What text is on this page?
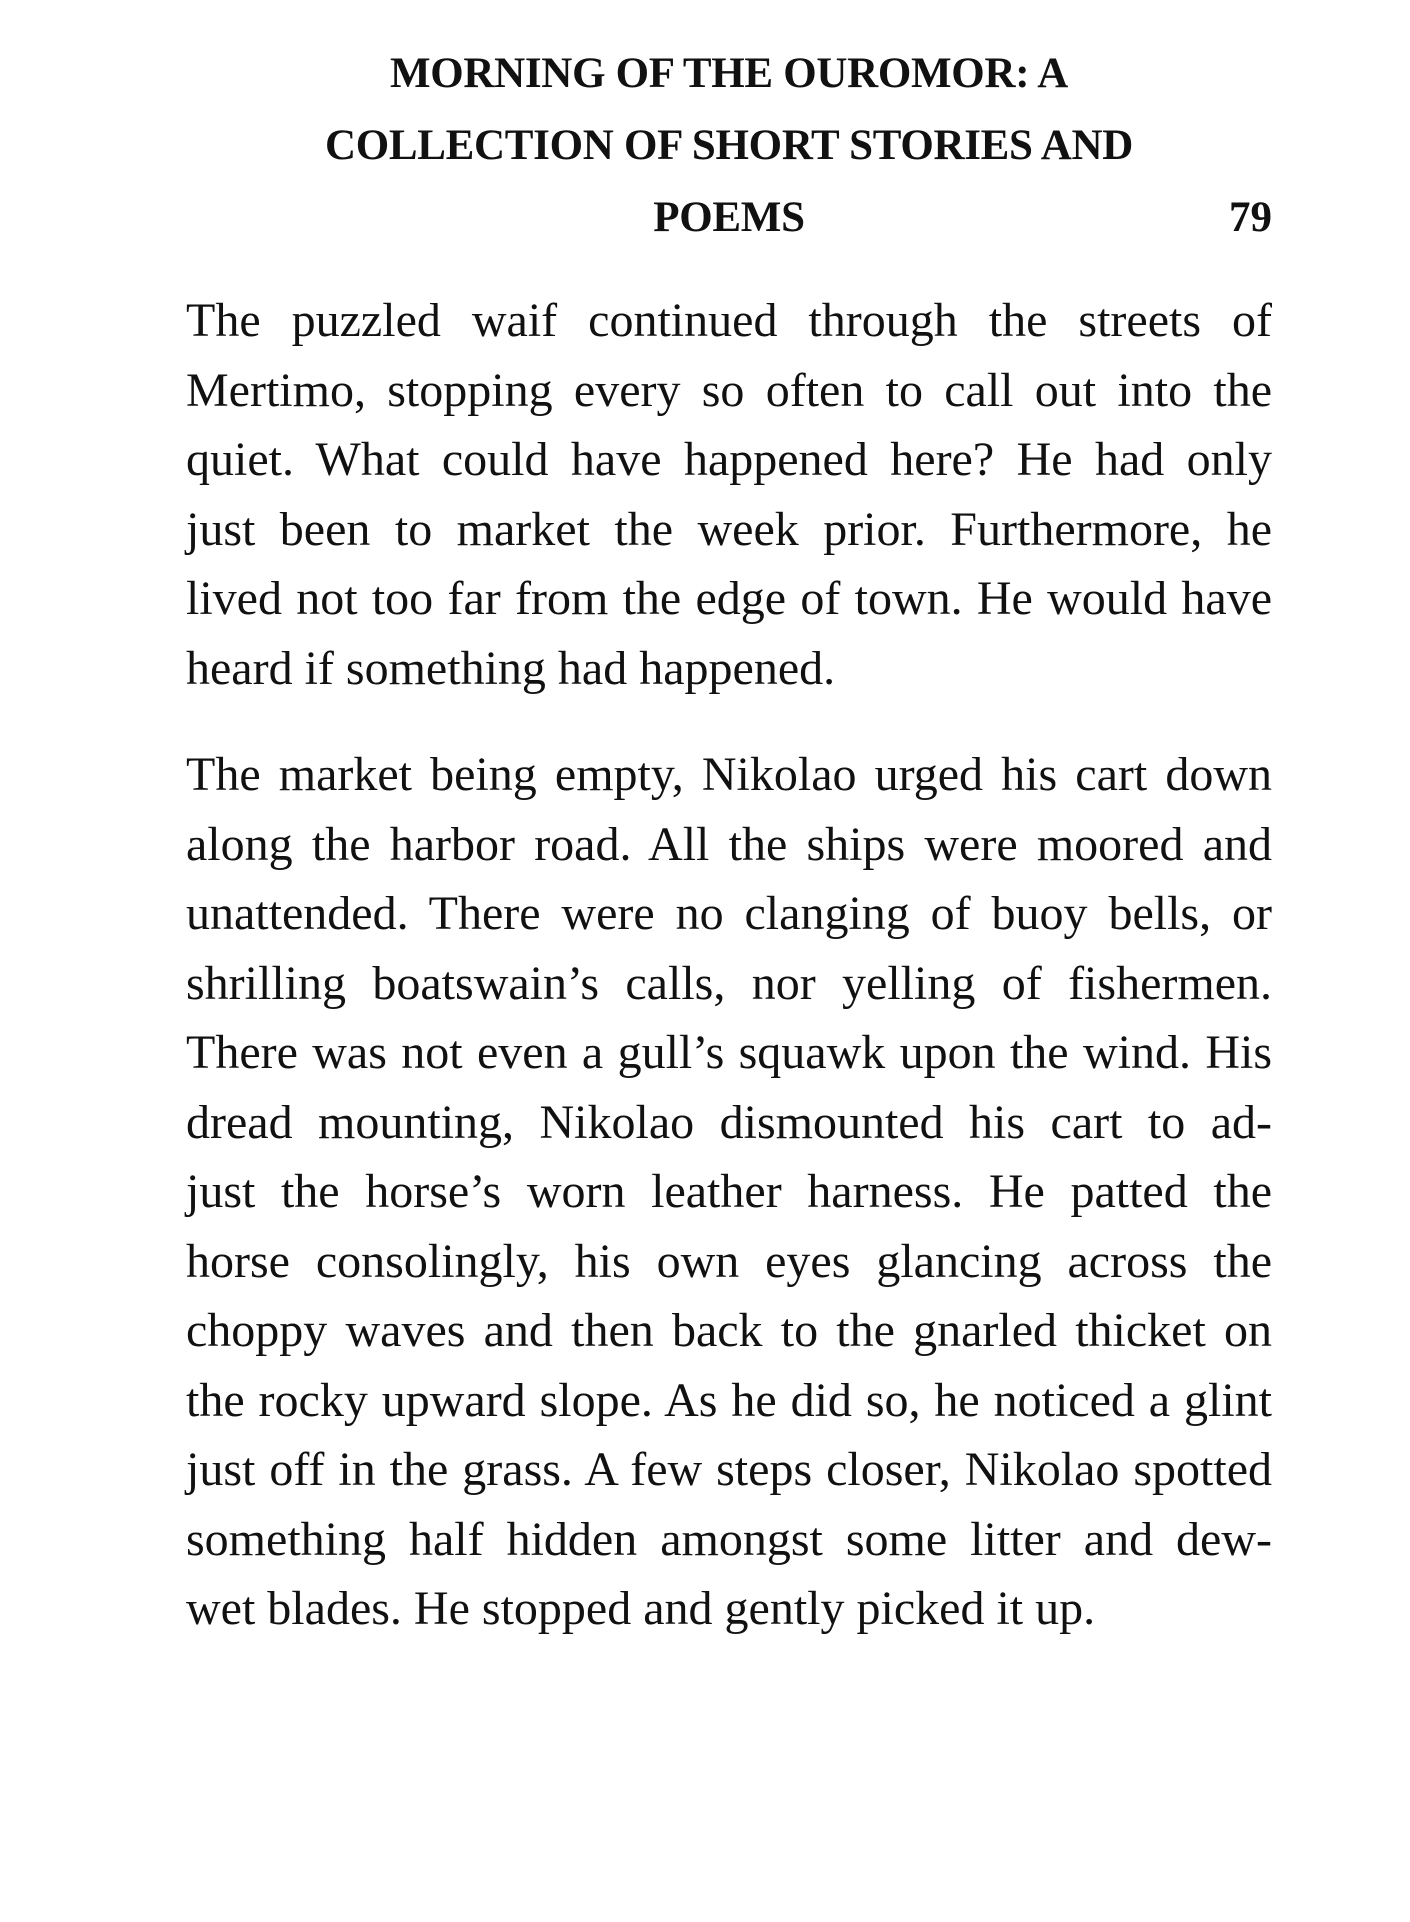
MORNING OF THE OUROMOR: A
COLLECTION OF SHORT STORIES AND
POEMS	79

The puzzled waif continued through the streets of
Mertimo, stopping every so often to call out into the
quiet. What could have happened here? He had only
just been to market the week prior. Furthermore, he
lived not too far from the edge of town. He would have
heard if something had happened.

The market being empty, Nikolao urged his cart down
along the harbor road. All the ships were moored and
unattended. There were no clanging of buoy bells, or
shrilling boatswain’s calls, nor yelling of fishermen.
There was not even a gull’s squawk upon the wind. His
dread mounting, Nikolao dismounted his cart to ad-
just the horse’s worn leather harness. He patted the
horse consolingly, his own eyes glancing across the
choppy waves and then back to the gnarled thicket on
the rocky upward slope. As he did so, he noticed a glint
just off in the grass. A few steps closer, Nikolao spotted
something half hidden amongst some litter and dew-
wet blades. He stopped and gently picked it up.
